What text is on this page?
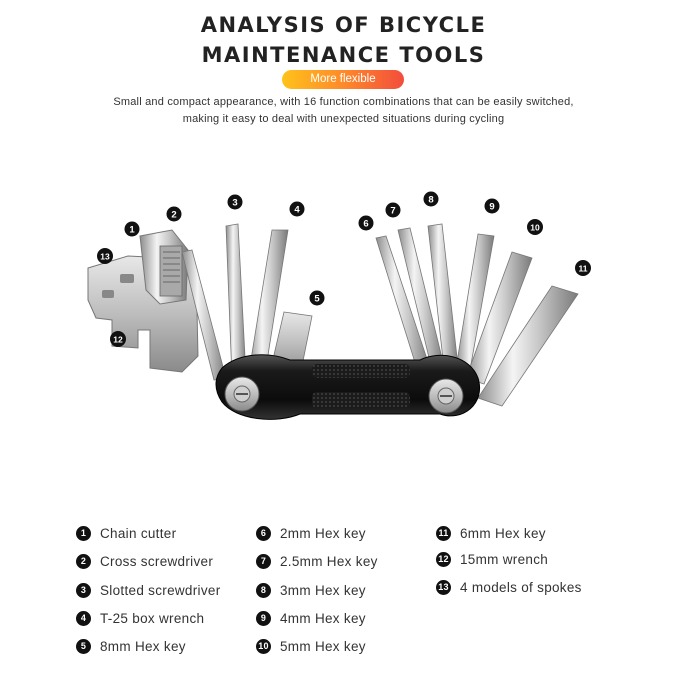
ANALYSIS OF BICYCLE
MAINTENANCE TOOLS
More flexible
Small and compact appearance, with 16 function combinations that can be easily switched,
making it easy to deal with unexpected situations during cycling
1
2
3
4
5
6
7
8
9
10
11
12
13
1	Chain cutter
2	Cross screwdriver
3	Slotted screwdriver
4	T-25 box wrench
5	8mm Hex key
6	2mm Hex key
7	2.5mm Hex key
8	3mm Hex key
9	4mm Hex key
10 5mm Hex key
11 6mm Hex key
12 15mm wrench
13 4 models of spokes
